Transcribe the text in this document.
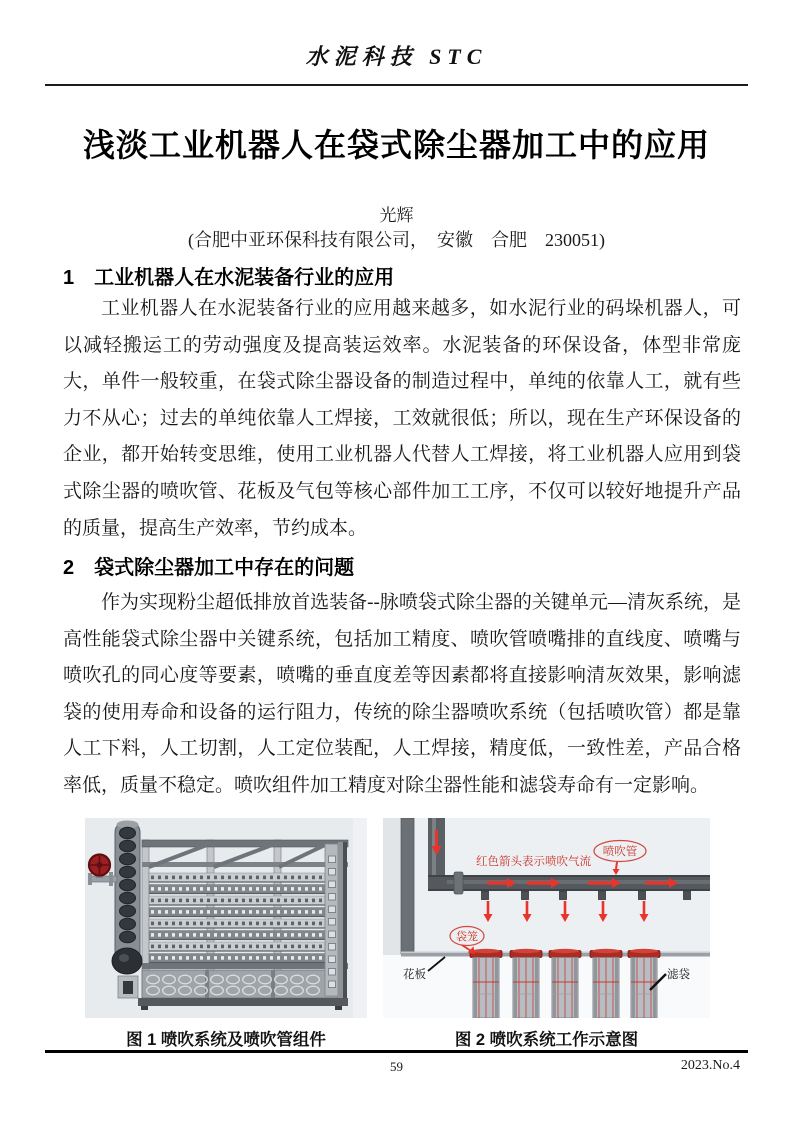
水泥科技 STC
浅淡工业机器人在袋式除尘器加工中的应用
光辉
(合肥中亚环保科技有限公司，　安徽　合肥　230051)
1　工业机器人在水泥装备行业的应用

工业机器人在水泥装备行业的应用越来越多，如水泥行业的码垛机器人，可以减轻搬运工的劳动强度及提高装运效率。水泥装备的环保设备，体型非常庞大，单件一般较重，在袋式除尘器设备的制造过程中，单纯的依靠人工，就有些力不从心；过去的单纯依靠人工焊接，工效就很低；所以，现在生产环保设备的企业，都开始转变思维，使用工业机器人代替人工焊接，将工业机器人应用到袋式除尘器的喷吹管、花板及气包等核心部件加工工序，不仅可以较好地提升产品的质量，提高生产效率，节约成本。

2　袋式除尘器加工中存在的问题

作为实现粉尘超低排放首选装备--脉喷袋式除尘器的关键单元—清灰系统，是高性能袋式除尘器中关键系统，包括加工精度、喷吹管喷嘴排的直线度、喷嘴与喷吹孔的同心度等要素，喷嘴的垂直度差等因素都将直接影响清灰效果，影响滤袋的使用寿命和设备的运行阻力，传统的除尘器喷吹系统（包括喷吹管）都是靠人工下料，人工切割，人工定位装配，人工焊接，精度低，一致性差，产品合格率低，质量不稳定。喷吹组件加工精度对除尘器性能和滤袋寿命有一定影响。

红色箭头表示喷吹气流
喷吹管
袋笼
花板	滤袋
图 1 喷吹系统及喷吹管组件	图 2 喷吹系统工作示意图
59	2023.No.4
